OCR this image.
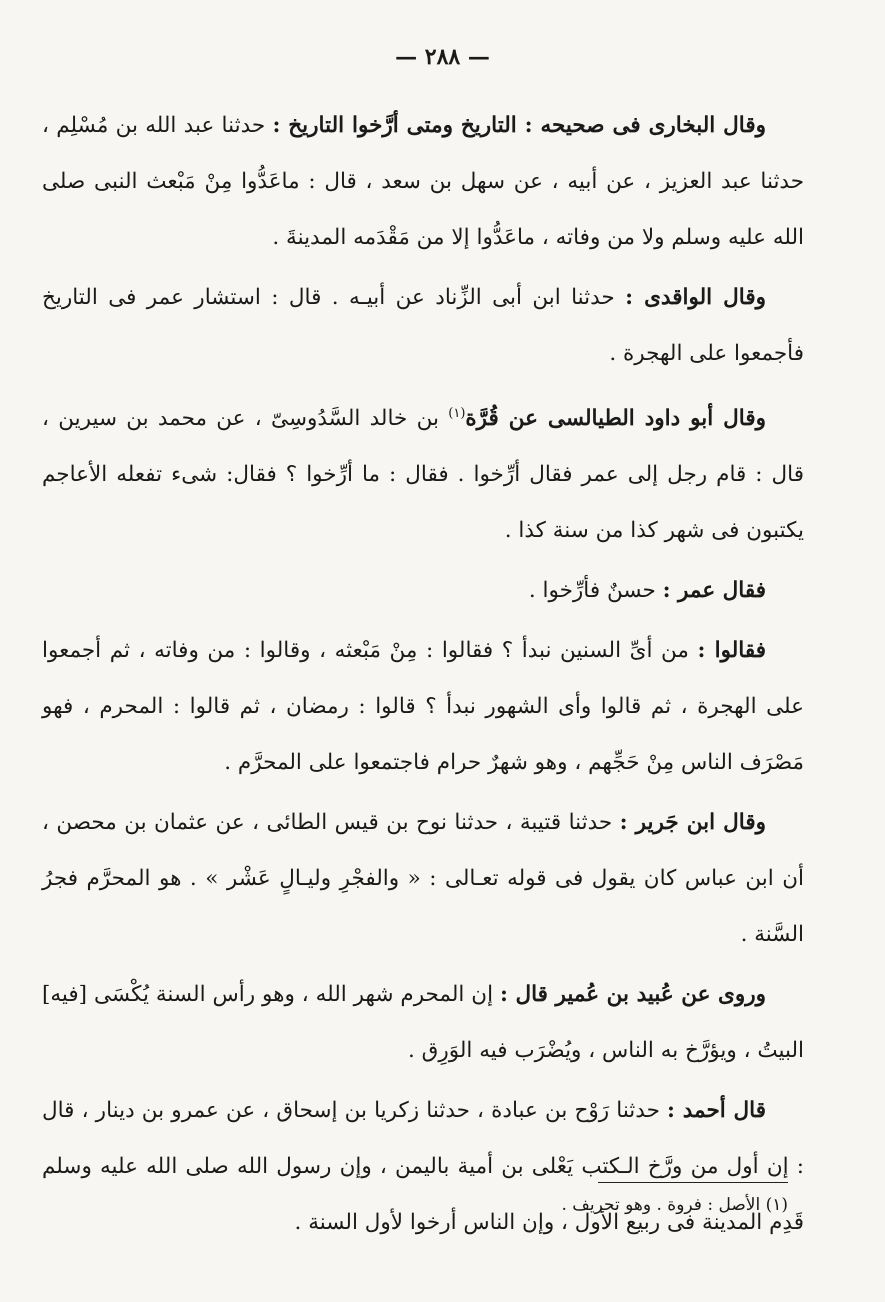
— ٢٨٨ —

وقال البخارى فى صحيحه : التاريخ ومتى أرَّخوا التاريخ : حدثنا عبد الله بن مُسْلِم ، حدثنا عبد العزيز ، عن أبيه ، عن سهل بن سعد ، قال : ماعَدُّوا مِنْ مَبْعث النبى صلى الله عليه وسلم ولا من وفاته ، ماعَدُّوا إلا من مَقْدَمه المدينةَ .

وقال الواقدى : حدثنا ابن أبى الزِّناد عن أبيـه . قال : استشار عمر فى التاريخ فأجمعوا على الهجرة .

وقال أبو داود الطيالسى عن قُرَّة$^{(١)}$ بن خالد السَّدُوسِىّ ، عن محمد بن سيرين ، قال : قام رجل إلى عمر فقال أرِّخوا . فقال : ما أرِّخوا ؟ فقال: شىء تفعله الأعاجم يكتبون فى شهر كذا من سنة كذا .

فقال عمر : حسنٌ فأرِّخوا .

فقالوا : من أىِّ السنين نبدأ ؟ فقالوا : مِنْ مَبْعثه ، وقالوا : من وفاته ، ثم أجمعوا على الهجرة ، ثم قالوا وأى الشهور نبدأ ؟ قالوا : رمضان ، ثم قالوا : المحرم ، فهو مَصْرَف الناس مِنْ حَجِّهم ، وهو شهرٌ حرام فاجتمعوا على المحرَّم .

وقال ابن جَرير : حدثنا قتيبة ، حدثنا نوح بن قيس الطائى ، عن عثمان بن محصن ، أن ابن عباس كان يقول فى قوله تعـالى : « والفجْرِ وليـالٍ عَشْر » . هو المحرَّم فجرُ السَّنة .

وروى عن عُبيد بن عُمير قال : إن المحرم شهر الله ، وهو رأس السنة يُكْسَى [فيه] البيتُ ، ويؤرَّخ به الناس ، ويُضْرَب فيه الوَرِق .

قال أحمد : حدثنا رَوْح بن عبادة ، حدثنا زكريا بن إسحاق ، عن عمرو بن دينار ، قال : إن أول من ورَّخ الـكتب يَعْلى بن أمية باليمن ، وإن رسول الله صلى الله عليه وسلم قَدِم المدينة فى ربيع الأول ، وإن الناس أرخوا لأول السنة .

(١) الأصل : فروة . وهو تحريف .
